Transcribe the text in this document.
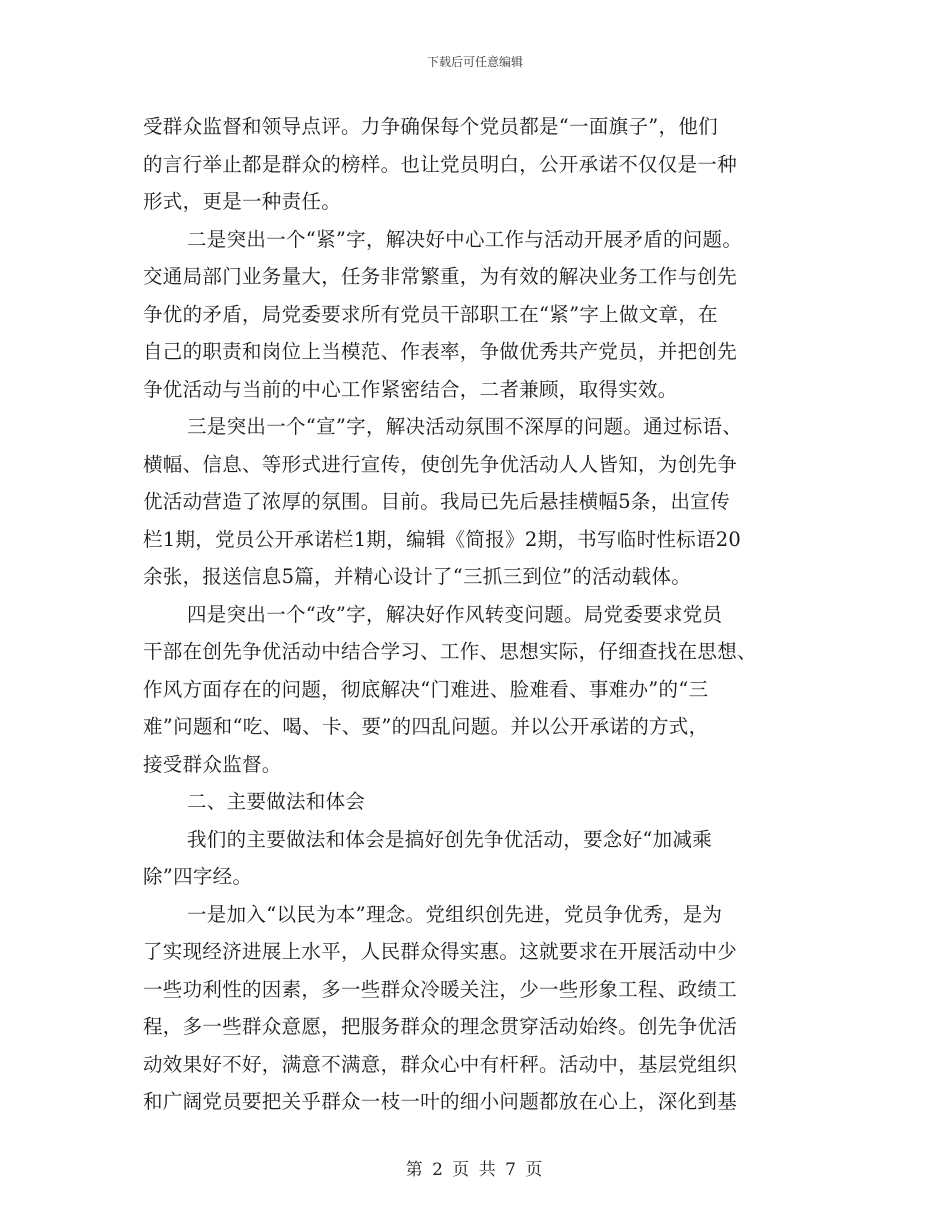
下载后可任意编辑
受群众监督和领导点评。力争确保每个党员都是“一面旗子”，他们
的言行举止都是群众的榜样。也让党员明白，公开承诺不仅仅是一种
形式，更是一种责任。
二是突出一个“紧”字，解决好中心工作与活动开展矛盾的问题。
交通局部门业务量大，任务非常繁重，为有效的解决业务工作与创先
争优的矛盾，局党委要求所有党员干部职工在“紧”字上做文章，在
自己的职责和岗位上当模范、作表率，争做优秀共产党员，并把创先
争优活动与当前的中心工作紧密结合，二者兼顾，取得实效。
三是突出一个“宣”字，解决活动氛围不深厚的问题。通过标语、
横幅、信息、等形式进行宣传，使创先争优活动人人皆知，为创先争
优活动营造了浓厚的氛围。目前。我局已先后悬挂横幅5条，出宣传
栏1期，党员公开承诺栏1期，编辑《简报》2期，书写临时性标语20
余张，报送信息5篇，并精心设计了“三抓三到位”的活动载体。
四是突出一个“改”字，解决好作风转变问题。局党委要求党员
干部在创先争优活动中结合学习、工作、思想实际，仔细查找在思想、
作风方面存在的问题，彻底解决“门难进、脸难看、事难办”的“三
难”问题和“吃、喝、卡、要”的四乱问题。并以公开承诺的方式，
接受群众监督。
二、主要做法和体会
我们的主要做法和体会是搞好创先争优活动，要念好“加减乘
除”四字经。
一是加入“以民为本”理念。党组织创先进，党员争优秀，是为
了实现经济进展上水平，人民群众得实惠。这就要求在开展活动中少
一些功利性的因素，多一些群众冷暖关注，少一些形象工程、政绩工
程，多一些群众意愿，把服务群众的理念贯穿活动始终。创先争优活
动效果好不好，满意不满意，群众心中有杆秤。活动中，基层党组织
和广阔党员要把关乎群众一枝一叶的细小问题都放在心上，深化到基
第 2 页 共 7 页
